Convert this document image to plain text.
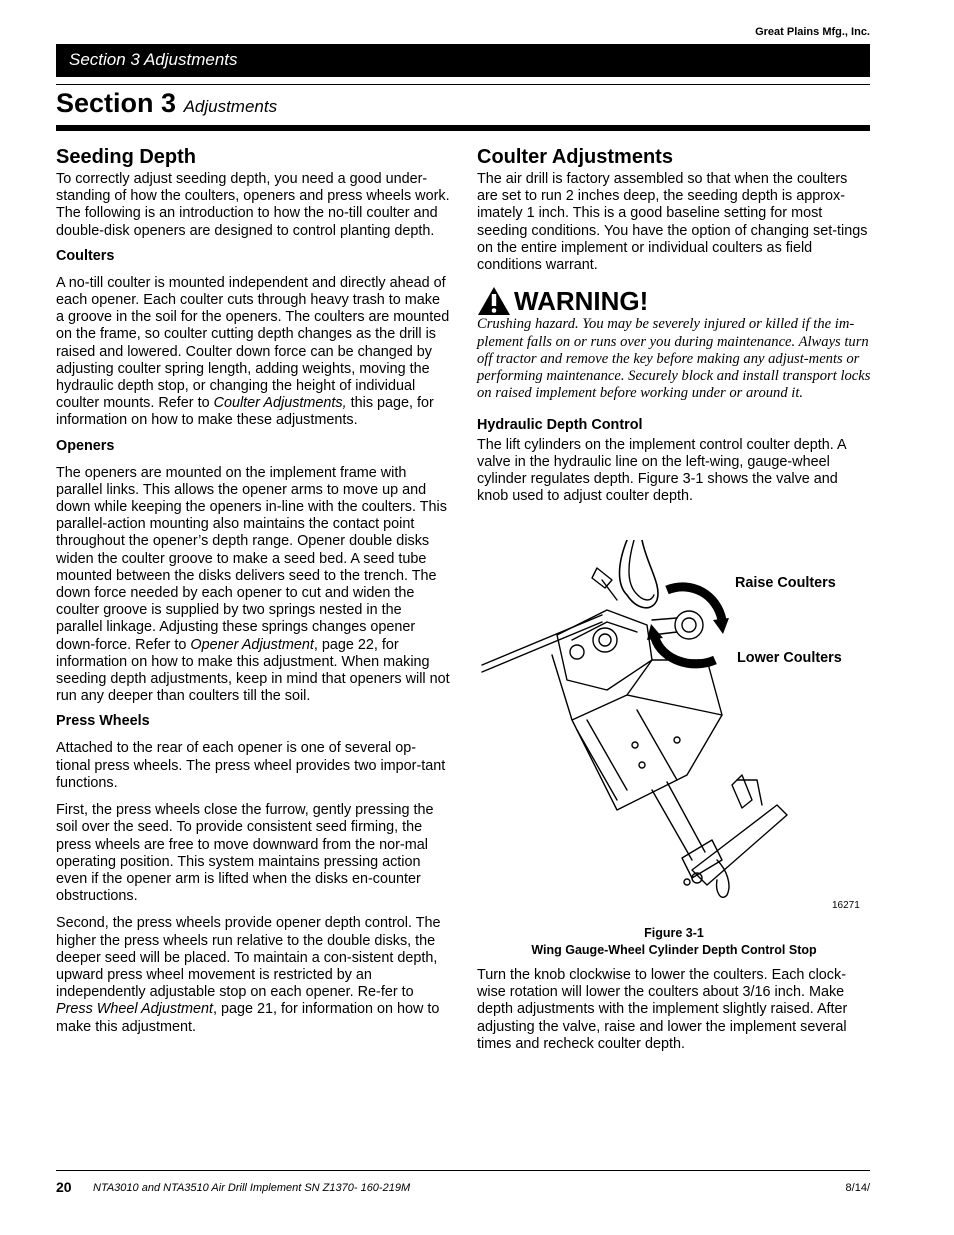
Great Plains Mfg., Inc.
Section 3 Adjustments
Section 3 Adjustments
Seeding Depth

To correctly adjust seeding depth, you need a good under-standing of how the coulters, openers and press wheels work. The following is an introduction to how the no-till coulter and double-disk openers are designed to control planting depth.

Coulters

A no-till coulter is mounted independent and directly ahead of each opener. Each coulter cuts through heavy trash to make a groove in the soil for the openers. The coulters are mounted on the frame, so coulter cutting depth changes as the drill is raised and lowered. Coulter down force can be changed by adjusting coulter spring length, adding weights, moving the hydraulic depth stop, or changing the height of individual coulter mounts. Refer to Coulter Adjustments, this page, for information on how to make these adjustments.

Openers

The openers are mounted on the implement frame with parallel links. This allows the opener arms to move up and down while keeping the openers in-line with the coulters. This parallel-action mounting also maintains the contact point throughout the opener’s depth range. Opener double disks widen the coulter groove to make a seed bed. A seed tube mounted between the disks delivers seed to the trench. The down force needed by each opener to cut and widen the coulter groove is supplied by two springs nested in the parallel linkage. Adjusting these springs changes opener down-force. Refer to Opener Adjustment, page 22, for information on how to make this adjustment. When making seeding depth adjustments, keep in mind that openers will not run any deeper than coulters till the soil.

Press Wheels

Attached to the rear of each opener is one of several op-tional press wheels. The press wheel provides two impor-tant functions.

First, the press wheels close the furrow, gently pressing the soil over the seed. To provide consistent seed firming, the press wheels are free to move downward from the nor-mal operating position. This system maintains pressing action even if the opener arm is lifted when the disks en-counter obstructions.

Second, the press wheels provide opener depth control. The higher the press wheels run relative to the double disks, the deeper seed will be placed. To maintain a con-sistent depth, upward press wheel movement is restricted by an independently adjustable stop on each opener. Re-fer to Press Wheel Adjustment, page 21, for information on how to make this adjustment.

Coulter Adjustments

The air drill is factory assembled so that when the coulters are set to run 2 inches deep, the seeding depth is approx-imately 1 inch. This is a good baseline setting for most seeding conditions. You have the option of changing set-tings on the entire implement or individual coulters as field conditions warrant.

WARNING!

Crushing hazard. You may be severely injured or killed if the im-plement falls on or runs over you during maintenance. Always turn off tractor and remove the key before making any adjust-ments or performing maintenance. Securely block and install transport locks on raised implement before working under or around it.

Hydraulic Depth Control

The lift cylinders on the implement control coulter depth. A valve in the hydraulic line on the left-wing, gauge-wheel cylinder regulates depth. Figure 3-1 shows the valve and knob used to adjust coulter depth.

Raise Coulters
Lower Coulters
16271
Figure 3-1
Wing Gauge-Wheel Cylinder Depth Control Stop
Turn the knob clockwise to lower the coulters. Each clock-wise rotation will lower the coulters about 3/16 inch. Make depth adjustments with the implement slightly raised. After adjusting the valve, raise and lower the implement several times and recheck coulter depth.
20 NTA3010 and NTA3510 Air Drill Implement SN Z1370- 160-219M	8/14/
